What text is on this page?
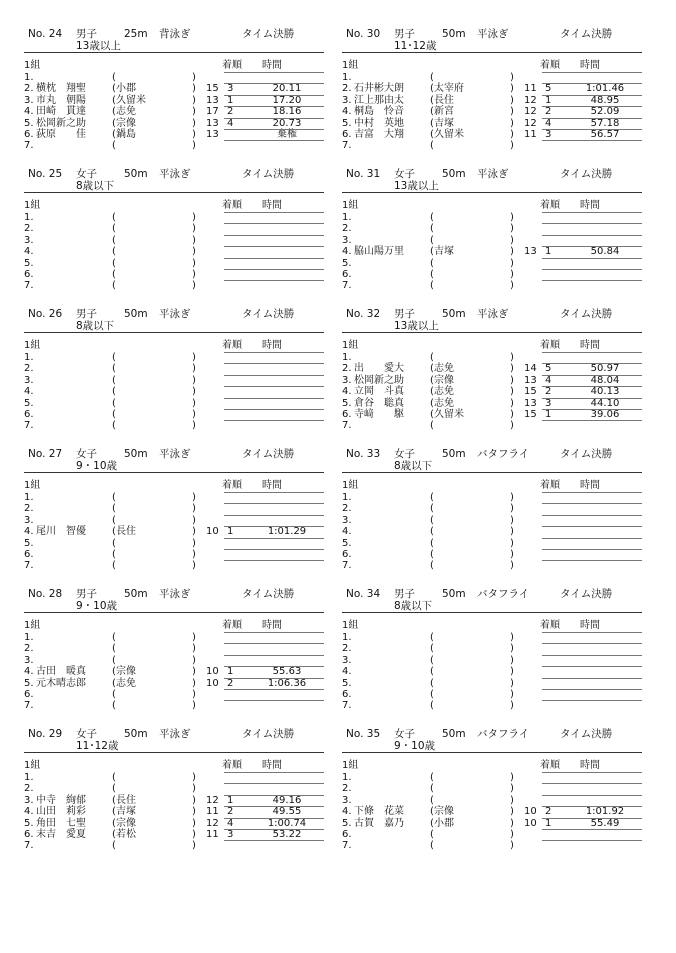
No. 24 男子	25m 背泳ぎ	タイム決勝
13歳以上
1組	着順 時間
1.	(	)
2. 横枕　翔聖	( 小郡	) 15 3	20.11
3. 市丸　朝陽	( 久留米	) 13 1	17.20
4. 田崎　貫達	( 志免	) 17 2	18.16
5. 松岡新之助	( 宗像	) 13 4	20.73
6. 荻原　　佳	( 鍋島	) 13	棄権
7.	(	)
No. 30 男子	50m 平泳ぎ	タイム決勝
11･12歳
1組	着順 時間
1.	(	)
2. 石井彬大朗	( 太宰府	) 11 5	1:01.46
3. 江上那由太	( 長住	) 12 1	48.95
4. 桐島　怜音	( 新宮	) 12 2	52.09
5. 中村　英地	( 吉塚	) 12 4	57.18
6. 吉富　大翔	( 久留米	) 11 3	56.57
7.	(	)
No. 25 女子	50m 平泳ぎ	タイム決勝
8歳以下
1組	着順 時間
1.	(	)
2.	(	)
3.	(	)
4.	(	)
5.	(	)
6.	(	)
7.	(	)
No. 31 女子	50m 平泳ぎ	タイム決勝
13歳以上
1組	着順 時間
1.	(	)
2.	(	)
3.	(	)
4. 脇山陽万里	( 吉塚	) 13 1	50.84
5.	(	)
6.	(	)
7.	(	)
No. 26 男子	50m 平泳ぎ	タイム決勝
8歳以下
1組	着順 時間
1.	(	)
2.	(	)
3.	(	)
4.	(	)
5.	(	)
6.	(	)
7.	(	)
No. 32 男子	50m 平泳ぎ	タイム決勝
13歳以上
1組	着順 時間
1.	(	)
2. 出　　愛大	( 志免	) 14 5	50.97
3. 松岡新之助	( 宗像	) 13 4	48.04
4. 立岡　斗真	( 志免	) 15 2	40.13
5. 倉谷　聡真	( 志免	) 13 3	44.10
6. 寺﨑　　駆	( 久留米	) 15 1	39.06
7.	(	)
No. 27 女子	50m 平泳ぎ	タイム決勝
9・10歳
1組	着順 時間
1.	(	)
2.	(	)
3.	(	)
4. 尾川　智優	( 長住	) 10 1	1:01.29
5.	(	)
6.	(	)
7.	(	)
No. 33 女子	50m バタフライ	タイム決勝
8歳以下
1組	着順 時間
1.	(	)
2.	(	)
3.	(	)
4.	(	)
5.	(	)
6.	(	)
7.	(	)
No. 28 男子	50m 平泳ぎ	タイム決勝
9・10歳
1組	着順 時間
1.	(	)
2.	(	)
3.	(	)
4. 古田　暖真	( 宗像	) 10 1	55.63
5. 元木晴志郎	( 志免	) 10 2	1:06.36
6.	(	)
7.	(	)
No. 34 男子	50m バタフライ	タイム決勝
8歳以下
1組	着順 時間
1.	(	)
2.	(	)
3.	(	)
4.	(	)
5.	(	)
6.	(	)
7.	(	)
No. 29 女子	50m 平泳ぎ	タイム決勝
11･12歳
1組	着順 時間
1.	(	)
2.	(	)
3. 中寺　絢郁	( 長住	) 12 1	49.16
4. 山田　莉彩	( 吉塚	) 11 2	49.55
5. 角田　七聖	( 宗像	) 12 4	1:00.74
6. 末吉　愛夏	( 若松	) 11 3	53.22
7.	(	)
No. 35 女子	50m バタフライ	タイム決勝
9・10歳
1組	着順 時間
1.	(	)
2.	(	)
3.	(	)
4. 下條　花菜	( 宗像	) 10 2	1:01.92
5. 古賀　嘉乃	( 小郡	) 10 1	55.49
6.	(	)
7.	(	)
